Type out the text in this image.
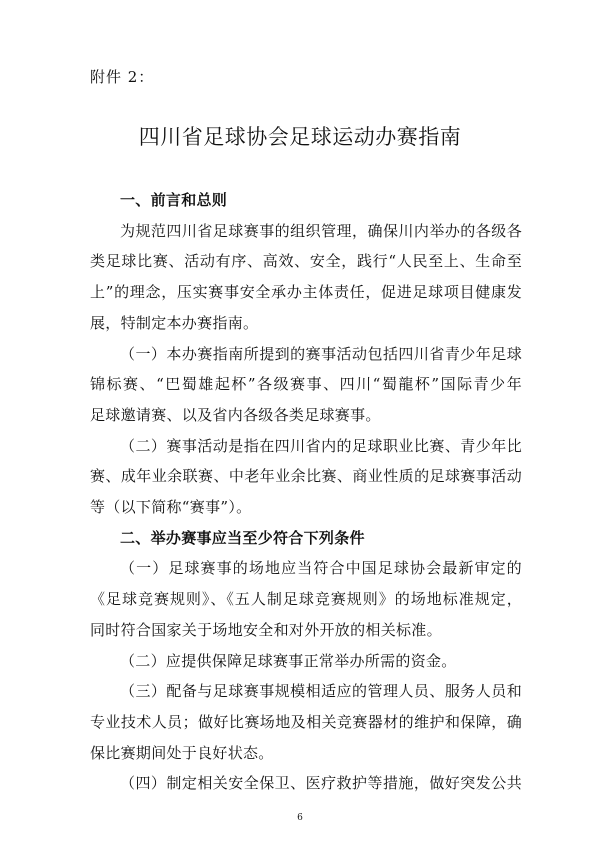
附件 2：
四川省足球协会足球运动办赛指南
一、前言和总则

为规范四川省足球赛事的组织管理，确保川内举办的各级各

类足球比赛、活动有序、高效、安全，践行“人民至上、生命至

上”的理念，压实赛事安全承办主体责任，促进足球项目健康发

展，特制定本办赛指南。

（一）本办赛指南所提到的赛事活动包括四川省青少年足球

锦标赛、“巴蜀雄起杯”各级赛事、四川“蜀龍杯”国际青少年

足球邀请赛、以及省内各级各类足球赛事。

（二）赛事活动是指在四川省内的足球职业比赛、青少年比

赛、成年业余联赛、中老年业余比赛、商业性质的足球赛事活动

等（以下简称“赛事”）。

二、举办赛事应当至少符合下列条件

（一）足球赛事的场地应当符合中国足球协会最新审定的

《足球竞赛规则》、《五人制足球竞赛规则》的场地标准规定，

同时符合国家关于场地安全和对外开放的相关标准。

（二）应提供保障足球赛事正常举办所需的资金。

（三）配备与足球赛事规模相适应的管理人员、服务人员和

专业技术人员；做好比赛场地及相关竞赛器材的维护和保障，确

保比赛期间处于良好状态。

（四）制定相关安全保卫、医疗救护等措施，做好突发公共

6
